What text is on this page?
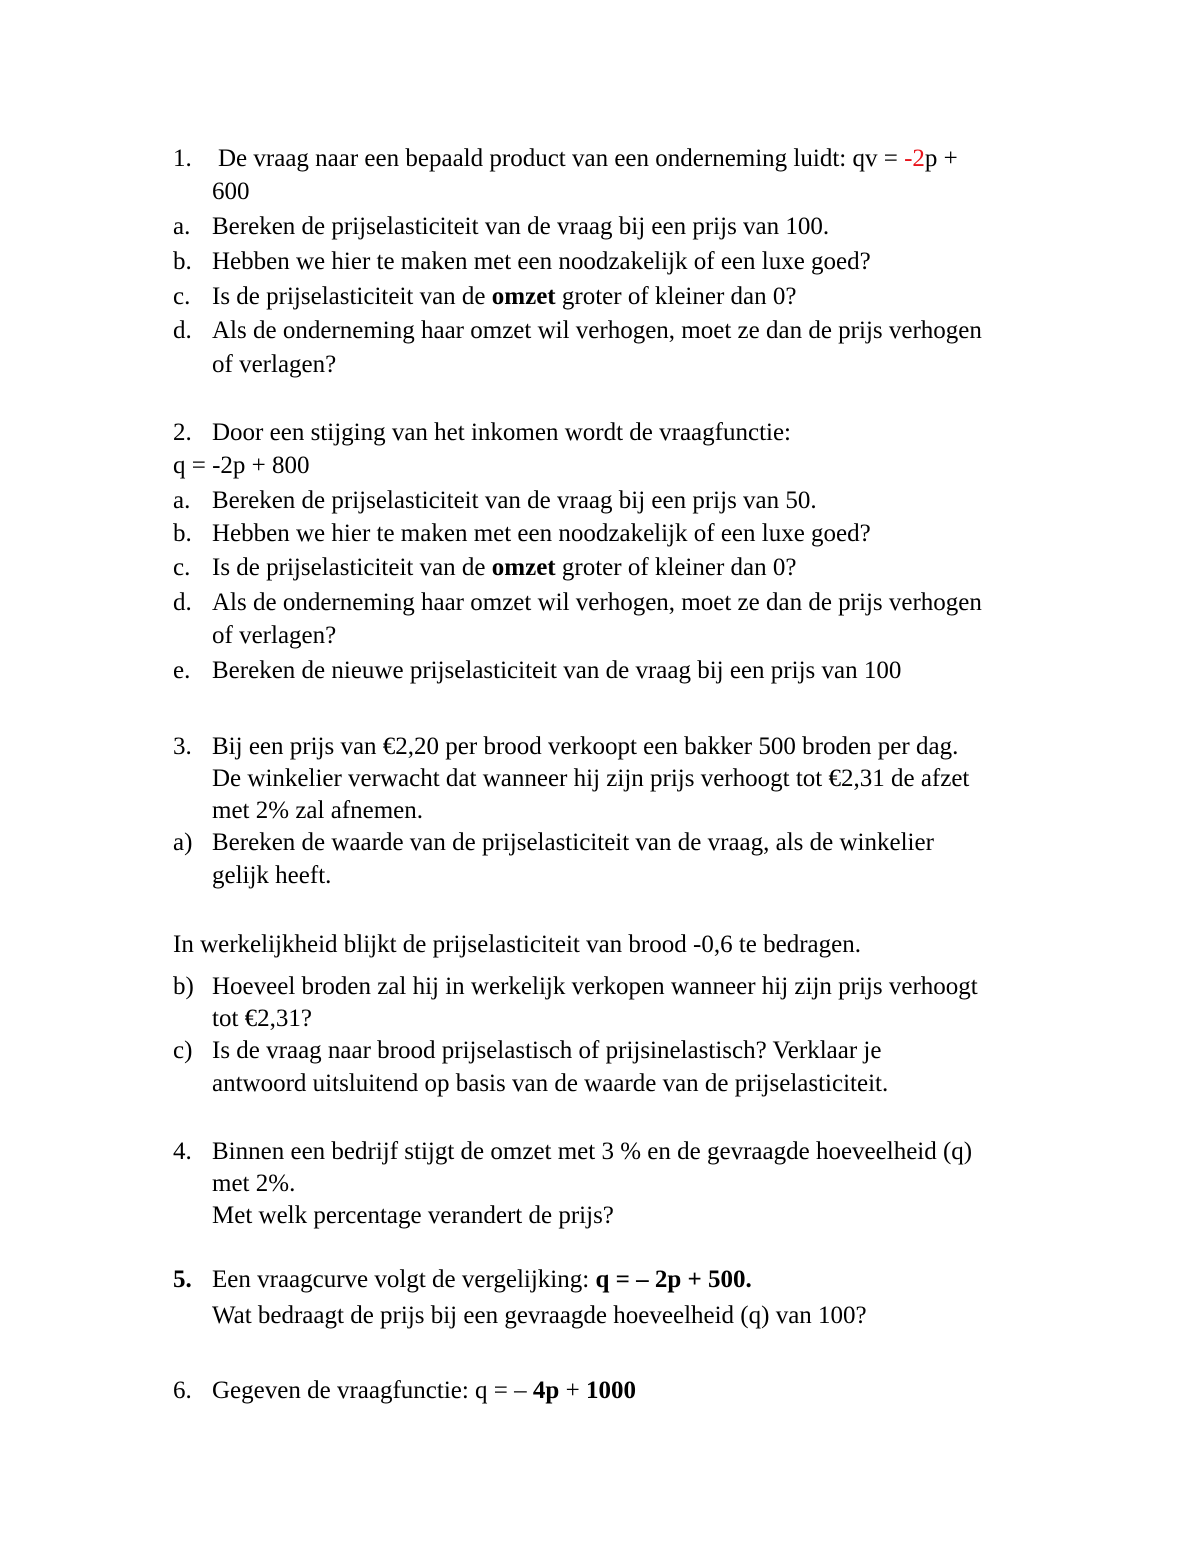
1. De vraag naar een bepaald product van een onderneming luidt: qv = -2p +
600
a. Bereken de prijselasticiteit van de vraag bij een prijs van 100.
b. Hebben we hier te maken met een noodzakelijk of een luxe goed?
c. Is de prijselasticiteit van de omzet groter of kleiner dan 0?
d. Als de onderneming haar omzet wil verhogen, moet ze dan de prijs verhogen
of verlagen?
2. Door een stijging van het inkomen wordt de vraagfunctie:
q = -2p + 800
a. Bereken de prijselasticiteit van de vraag bij een prijs van 50.
b. Hebben we hier te maken met een noodzakelijk of een luxe goed?
c. Is de prijselasticiteit van de omzet groter of kleiner dan 0?
d. Als de onderneming haar omzet wil verhogen, moet ze dan de prijs verhogen
of verlagen?
e. Bereken de nieuwe prijselasticiteit van de vraag bij een prijs van 100
3. Bij een prijs van €2,20 per brood verkoopt een bakker 500 broden per dag.
De winkelier verwacht dat wanneer hij zijn prijs verhoogt tot €2,31 de afzet
met 2% zal afnemen.
a) Bereken de waarde van de prijselasticiteit van de vraag, als de winkelier
gelijk heeft.
In werkelijkheid blijkt de prijselasticiteit van brood -0,6 te bedragen.
b) Hoeveel broden zal hij in werkelijk verkopen wanneer hij zijn prijs verhoogt
tot €2,31?
c) Is de vraag naar brood prijselastisch of prijsinelastisch? Verklaar je
antwoord uitsluitend op basis van de waarde van de prijselasticiteit.
4. Binnen een bedrijf stijgt de omzet met 3 % en de gevraagde hoeveelheid (q)
met 2%.
Met welk percentage verandert de prijs?
5. Een vraagcurve volgt de vergelijking: q = – 2p + 500.
Wat bedraagt de prijs bij een gevraagde hoeveelheid (q) van 100?
6. Gegeven de vraagfunctie: q = – 4p + 1000
